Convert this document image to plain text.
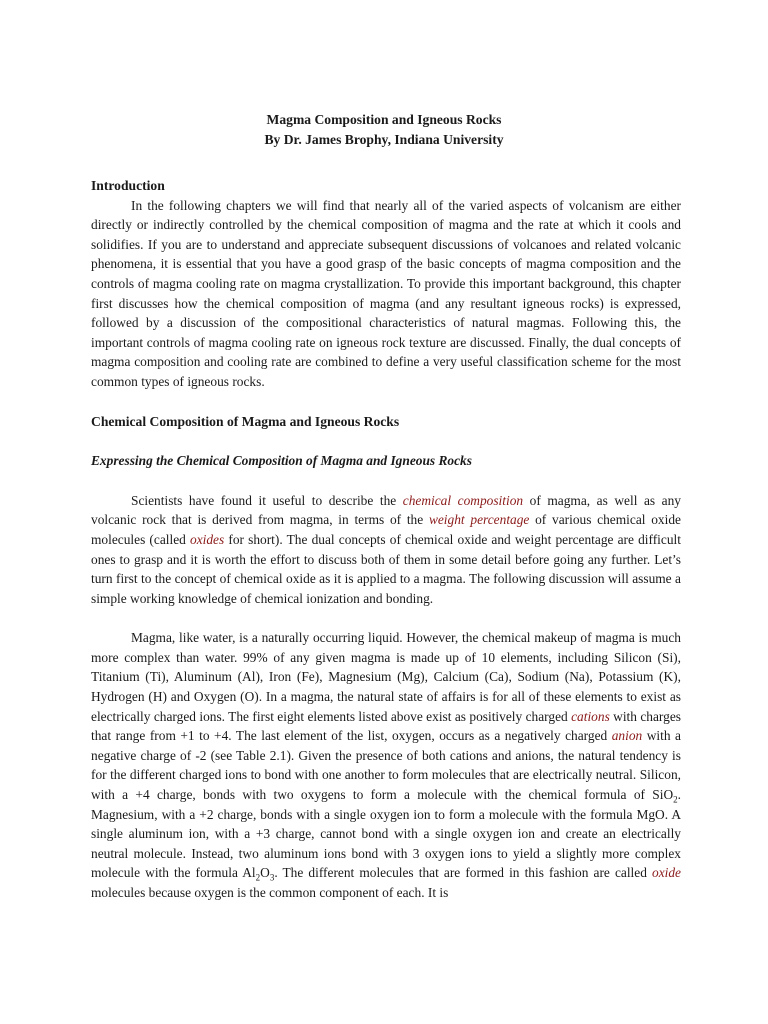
Magma Composition and Igneous Rocks
By Dr. James Brophy, Indiana University
Introduction

In the following chapters we will find that nearly all of the varied aspects of volcanism are either directly or indirectly controlled by the chemical composition of magma and the rate at which it cools and solidifies. If you are to understand and appreciate subsequent discussions of volcanoes and related volcanic phenomena, it is essential that you have a good grasp of the basic concepts of magma composition and the controls of magma cooling rate on magma crystallization. To provide this important background, this chapter first discusses how the chemical composition of magma (and any resultant igneous rocks) is expressed, followed by a discussion of the compositional characteristics of natural magmas. Following this, the important controls of magma cooling rate on igneous rock texture are discussed. Finally, the dual concepts of magma composition and cooling rate are combined to define a very useful classification scheme for the most common types of igneous rocks.

Chemical Composition of Magma and Igneous Rocks
Expressing the Chemical Composition of Magma and Igneous Rocks

Scientists have found it useful to describe the chemical composition of magma, as well as any volcanic rock that is derived from magma, in terms of the weight percentage of various chemical oxide molecules (called oxides for short). The dual concepts of chemical oxide and weight percentage are difficult ones to grasp and it is worth the effort to discuss both of them in some detail before going any further. Let’s turn first to the concept of chemical oxide as it is applied to a magma. The following discussion will assume a simple working knowledge of chemical ionization and bonding.

Magma, like water, is a naturally occurring liquid. However, the chemical makeup of magma is much more complex than water. 99% of any given magma is made up of 10 elements, including Silicon (Si), Titanium (Ti), Aluminum (Al), Iron (Fe), Magnesium (Mg), Calcium (Ca), Sodium (Na), Potassium (K), Hydrogen (H) and Oxygen (O). In a magma, the natural state of affairs is for all of these elements to exist as electrically charged ions. The first eight elements listed above exist as positively charged cations with charges that range from +1 to +4. The last element of the list, oxygen, occurs as a negatively charged anion with a negative charge of -2 (see Table 2.1). Given the presence of both cations and anions, the natural tendency is for the different charged ions to bond with one another to form molecules that are electrically neutral. Silicon, with a +4 charge, bonds with two oxygens to form a molecule with the chemical formula of SiO$_2$. Magnesium, with a +2 charge, bonds with a single oxygen ion to form a molecule with the formula MgO. A single aluminum ion, with a +3 charge, cannot bond with a single oxygen ion and create an electrically neutral molecule. Instead, two aluminum ions bond with 3 oxygen ions to yield a slightly more complex molecule with the formula $Al_2O_3$. The different molecules that are formed in this fashion are called oxide molecules because oxygen is the common component of each. It is
